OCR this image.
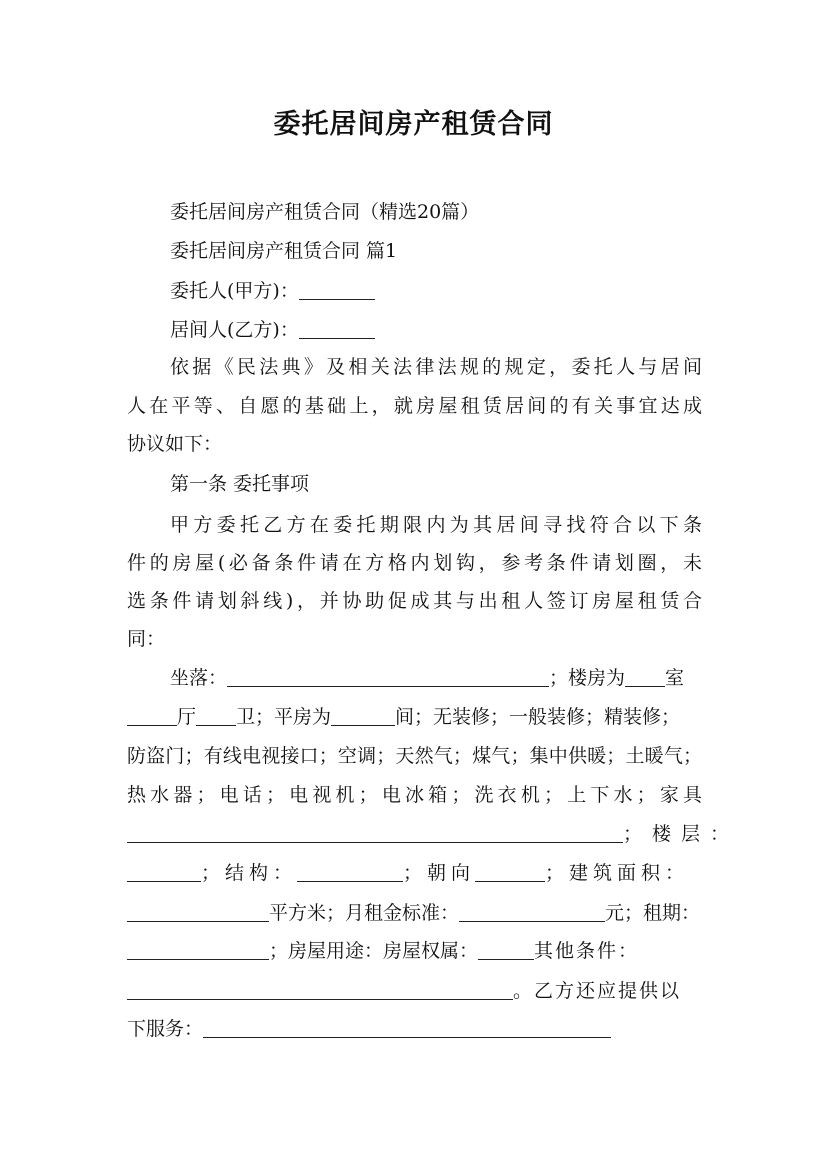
委托居间房产租赁合同
委托居间房产租赁合同（精选20篇）
委托居间房产租赁合同 篇1
委托人(甲方)：
居间人(乙方)：
依据《民法典》及相关法律法规的规定，委托人与居间
人在平等、自愿的基础上，就房屋租赁居间的有关事宜达成
协议如下：
第一条 委托事项
甲方委托乙方在委托期限内为其居间寻找符合以下条
件的房屋(必备条件请在方格内划钩，参考条件请划圈，未
选条件请划斜线)，并协助促成其与出租人签订房屋租赁合
同：
坐落：	；楼房为 室
厅 卫；平房为	间；无装修；一般装修；精装修；
防盗门；有线电视接口；空调；天然气；煤气；集中供暖；土暖气；
热水器；电话；电视机；电冰箱；洗衣机；上下水；家具
；楼层：
；结构：	；朝向	；建筑面积：
平方米；月租金标准：	元；租期：
；房屋用途：房屋权属：	其他条件：
。乙方还应提供以
下服务：
